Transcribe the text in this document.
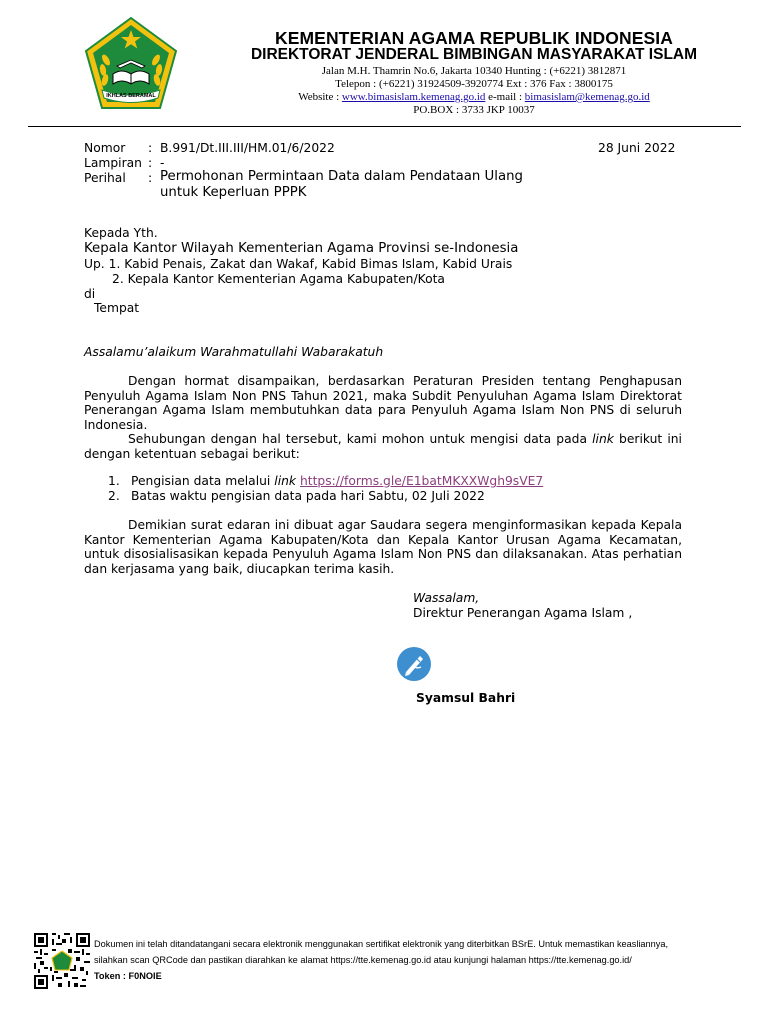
IKHLAS BERAMAL
KEMENTERIAN AGAMA REPUBLIK INDONESIA
DIREKTORAT JENDERAL BIMBINGAN MASYARAKAT ISLAM
Jalan M.H. Thamrin No.6, Jakarta 10340 Hunting : (+6221) 3812871
Telepon : (+6221) 31924509-3920774 Ext : 376 Fax : 3800175
Website : www.bimasislam.kemenag.go.id e-mail : bimasislam@kemenag.go.id
PO.BOX : 3733 JKP 10037
Nomor : B.991/Dt.III.III/HM.01/6/2022	28 Juni 2022
Lampiran : -
Perihal : Permohonan Permintaan Data dalam Pendataan Ulang
untuk Keperluan PPPK
Kepada Yth.
Kepala Kantor Wilayah Kementerian Agama Provinsi se-Indonesia
Up. 1. Kabid Penais, Zakat dan Wakaf, Kabid Bimas Islam, Kabid Urais
2. Kepala Kantor Kementerian Agama Kabupaten/Kota
di
Tempat
Assalamu’alaikum Warahmatullahi Wabarakatuh

Dengan hormat disampaikan, berdasarkan Peraturan Presiden tentang Penghapusan Penyuluh Agama Islam Non PNS Tahun 2021, maka Subdit Penyuluhan Agama Islam Direktorat Penerangan Agama Islam membutuhkan data para Penyuluh Agama Islam Non PNS di seluruh Indonesia.

Sehubungan dengan hal tersebut, kami mohon untuk mengisi data pada link berikut ini dengan ketentuan sebagai berikut:

1. Pengisian data melalui link https://forms.gle/E1batMKXXWgh9sVE7
2. Batas waktu pengisian data pada hari Sabtu, 02 Juli 2022

Demikian surat edaran ini dibuat agar Saudara segera menginformasikan kepada Kepala Kantor Kementerian Agama Kabupaten/Kota dan Kepala Kantor Urusan Agama Kecamatan, untuk disosialisasikan kepada Penyuluh Agama Islam Non PNS dan dilaksanakan. Atas perhatian dan kerjasama yang baik, diucapkan terima kasih.

Wassalam,
Direktur Penerangan Agama Islam ,
Syamsul Bahri
Dokumen ini telah ditandatangani secara elektronik menggunakan sertifikat elektronik yang diterbitkan BSrE. Untuk memastikan keasliannya,
silahkan scan QRCode dan pastikan diarahkan ke alamat https://tte.kemenag.go.id atau kunjungi halaman https://tte.kemenag.go.id/
Token : F0NOIE
